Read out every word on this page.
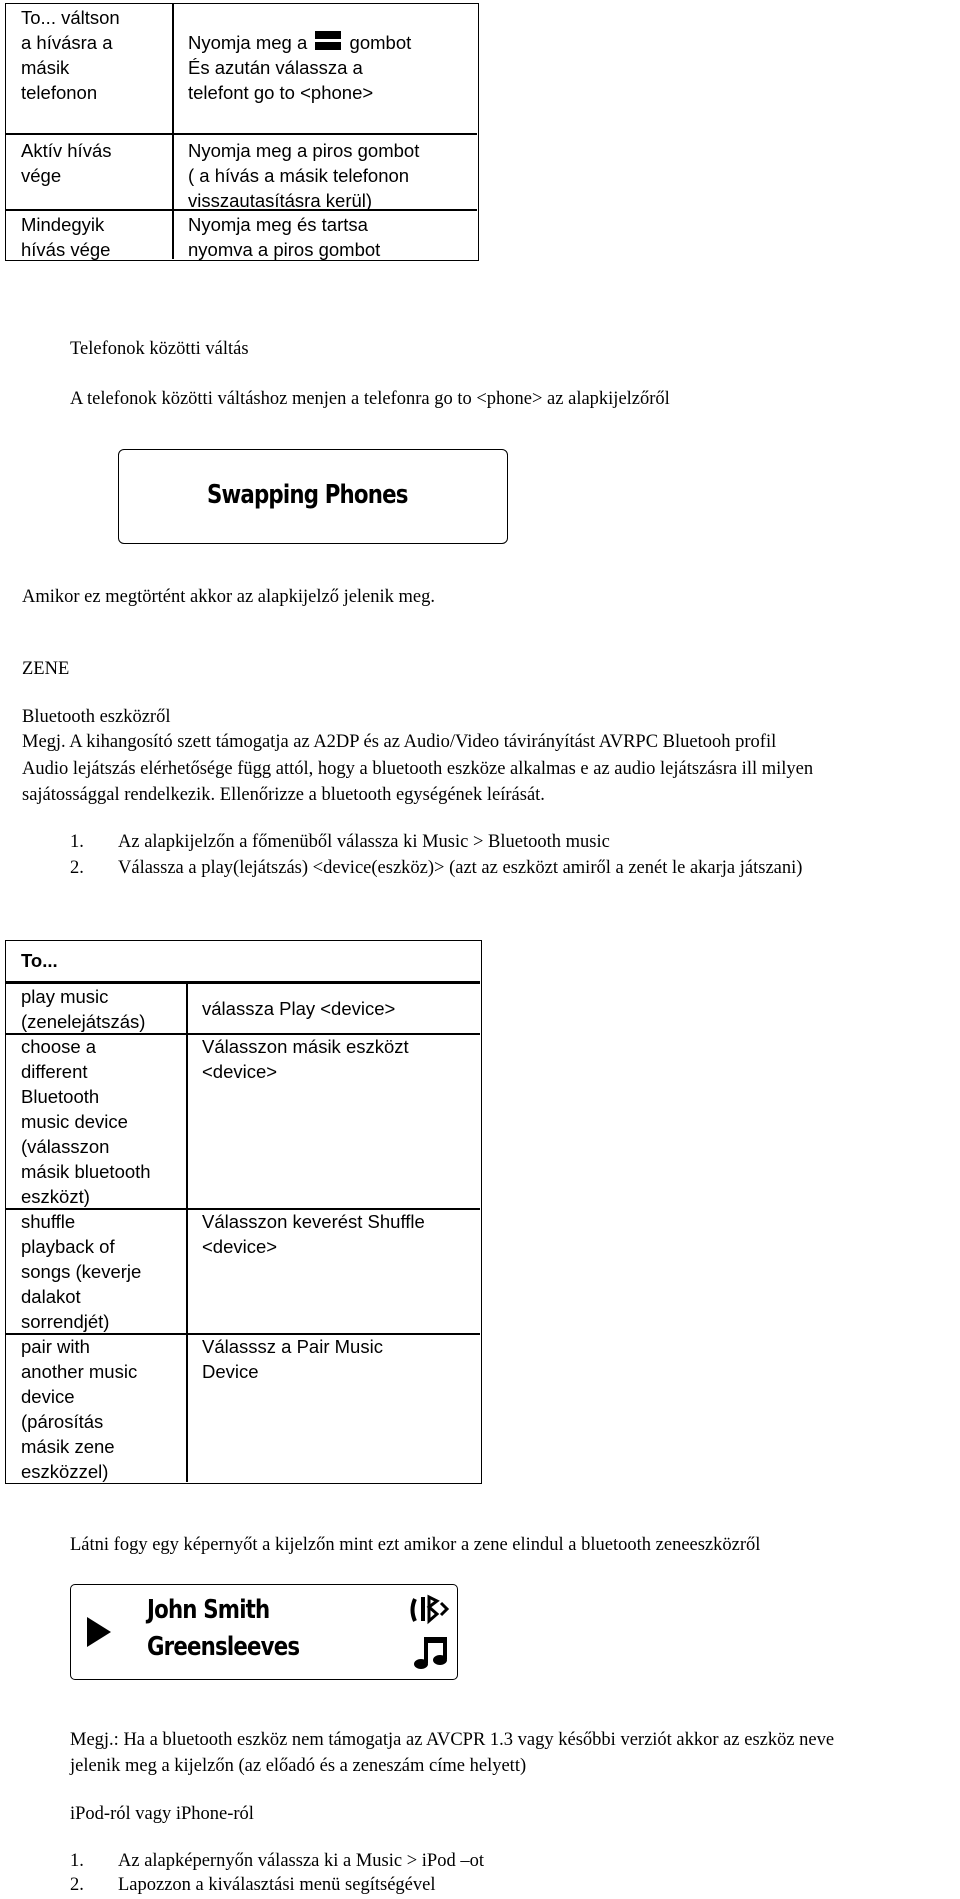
To... váltson
a hívásra a
másik
telefonon
Nyomja meg a gombot
És azután válassza a
telefont go to <phone>
Aktív hívás
vége
Nyomja meg a piros gombot
( a hívás a másik telefonon
visszautasításra kerül)
Mindegyik
hívás vége
Nyomja meg és tartsa
nyomva a piros gombot
Telefonok közötti váltás
A telefonok közötti váltáshoz menjen a telefonra go to <phone> az alapkijelzőről
Swapping Phones
Amikor ez megtörtént akkor az alapkijelző jelenik meg.
ZENE
Bluetooth eszközről
Megj. A kihangosító szett támogatja az A2DP és az Audio/Video távirányítást AVRPC Bluetooh profil
Audio lejátszás elérhetősége függ attól, hogy a bluetooth eszköze alkalmas e az audio lejátszásra ill milyen
sajátossággal rendelkezik. Ellenőrizze a bluetooth egységének leírását.
1. Az alapkijelzőn a főmenüből válassza ki Music > Bluetooth music
2. Válassza a play(lejátszás) <device(eszköz)> (azt az eszközt amiről a zenét le akarja játszani)
To...
play music
(zenelejátszás)
válassza Play <device>
choose a
different
Bluetooth
music device
(válasszon
másik bluetooth
eszközt)
Válasszon másik eszközt
<device>
shuffle
playback of
songs (keverje
dalakot
sorrendjét)
Válasszon keverést Shuffle
<device>
pair with
another music
device
(párosítás
másik zene
eszközzel)
Válasssz a Pair Music
Device
Látni fogy egy képernyőt a kijelzőn mint ezt amikor a zene elindul a bluetooth zeneeszközről
John Smith
Greensleeves
Megj.: Ha a bluetooth eszköz nem támogatja az AVCPR 1.3 vagy későbbi verziót akkor az eszköz neve
jelenik meg a kijelzőn (az előadó és a zeneszám címe helyett)
iPod-ról vagy iPhone-ról
1. Az alapképernyőn válassza ki a Music > iPod –ot
2. Lapozzon a kiválasztási menü segítségével
